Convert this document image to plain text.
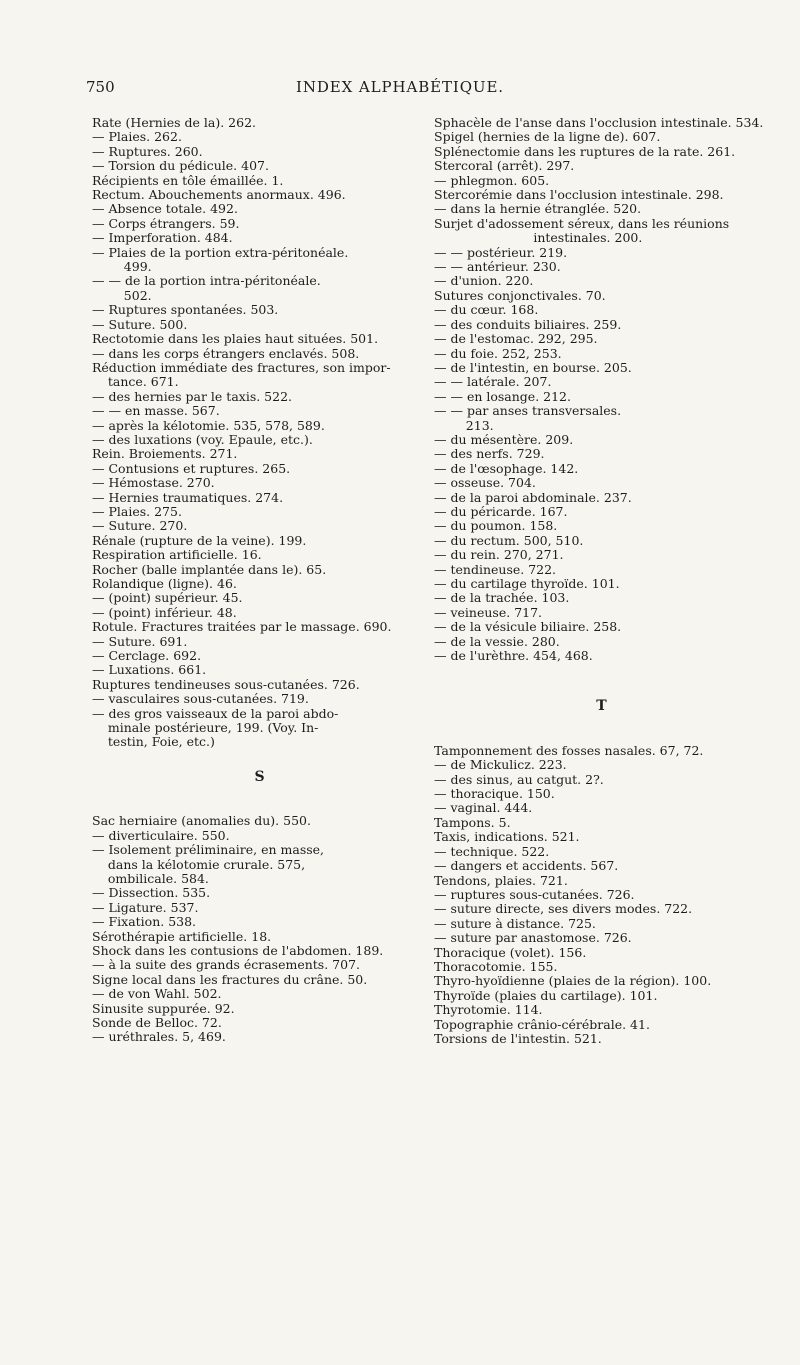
750	INDEX ALPHABÉTIQUE.
Rate (Hernies de la). 262.
— Plaies. 262.
— Ruptures. 260.
— Torsion du pédicule. 407.
Récipients en tôle émaillée. 1.
Rectum. Abouchements anormaux. 496.
— Absence totale. 492.
— Corps étrangers. 59.
— Imperforation. 484.
— Plaies de la portion extra-péritonéale.
499.
— — de la portion intra-péritonéale.
502.
— Ruptures spontanées. 503.
— Suture. 500.
Rectotomie dans les plaies haut situées. 501.
— dans les corps étrangers enclavés. 508.
Réduction immédiate des fractures, son impor-
tance. 671.
— des hernies par le taxis. 522.
— — en masse. 567.
— après la kélotomie. 535, 578, 589.
— des luxations (voy. Epaule, etc.).
Rein. Broiements. 271.
— Contusions et ruptures. 265.
— Hémostase. 270.
— Hernies traumatiques. 274.
— Plaies. 275.
— Suture. 270.
Rénale (rupture de la veine). 199.
Respiration artificielle. 16.
Rocher (balle implantée dans le). 65.
Rolandique (ligne). 46.
— (point) supérieur. 45.
— (point) inférieur. 48.
Rotule. Fractures traitées par le massage. 690.
— Suture. 691.
— Cerclage. 692.
— Luxations. 661.
Ruptures tendineuses sous-cutanées. 726.
— vasculaires sous-cutanées. 719.
— des gros vaisseaux de la paroi abdo-
minale postérieure, 199. (Voy. In-
testin, Foie, etc.)
S
Sac herniaire (anomalies du). 550.
— diverticulaire. 550.
— Isolement préliminaire, en masse,
dans la kélotomie crurale. 575,
ombilicale. 584.
— Dissection. 535.
— Ligature. 537.
— Fixation. 538.
Sérothérapie artificielle. 18.
Shock dans les contusions de l'abdomen. 189.
— à la suite des grands écrasements. 707.
Signe local dans les fractures du crâne. 50.
— de von Wahl. 502.
Sinusite suppurée. 92.
Sonde de Belloc. 72.
— uréthrales. 5, 469.
Sphacèle de l'anse dans l'occlusion intestinale. 534.
Spigel (hernies de la ligne de). 607.
Splénectomie dans les ruptures de la rate. 261.
Stercoral (arrêt). 297.
— phlegmon. 605.
Stercorémie dans l'occlusion intestinale. 298.
— dans la hernie étranglée. 520.
Surjet d'adossement séreux, dans les réunions
intestinales. 200.
— — postérieur. 219.
— — antérieur. 230.
— d'union. 220.
Sutures conjonctivales. 70.
— du cœur. 168.
— des conduits biliaires. 259.
— de l'estomac. 292, 295.
— du foie. 252, 253.
— de l'intestin, en bourse. 205.
— — latérale. 207.
— — en losange. 212.
— — par anses transversales.
213.
— du mésentère. 209.
— des nerfs. 729.
— de l'œsophage. 142.
— osseuse. 704.
— de la paroi abdominale. 237.
— du péricarde. 167.
— du poumon. 158.
— du rectum. 500, 510.
— du rein. 270, 271.
— tendineuse. 722.
— du cartilage thyroïde. 101.
— de la trachée. 103.
— veineuse. 717.
— de la vésicule biliaire. 258.
— de la vessie. 280.
— de l'urèthre. 454, 468.
T
Tamponnement des fosses nasales. 67, 72.
— de Mickulicz. 223.
— des sinus, au catgut. 2?.
— thoracique. 150.
— vaginal. 444.
Tampons. 5.
Taxis, indications. 521.
— technique. 522.
— dangers et accidents. 567.
Tendons, plaies. 721.
— ruptures sous-cutanées. 726.
— suture directe, ses divers modes. 722.
— suture à distance. 725.
— suture par anastomose. 726.
Thoracique (volet). 156.
Thoracotomie. 155.
Thyro-hyoïdienne (plaies de la région). 100.
Thyroïde (plaies du cartilage). 101.
Thyrotomie. 114.
Topographie crânio-cérébrale. 41.
Torsions de l'intestin. 521.
